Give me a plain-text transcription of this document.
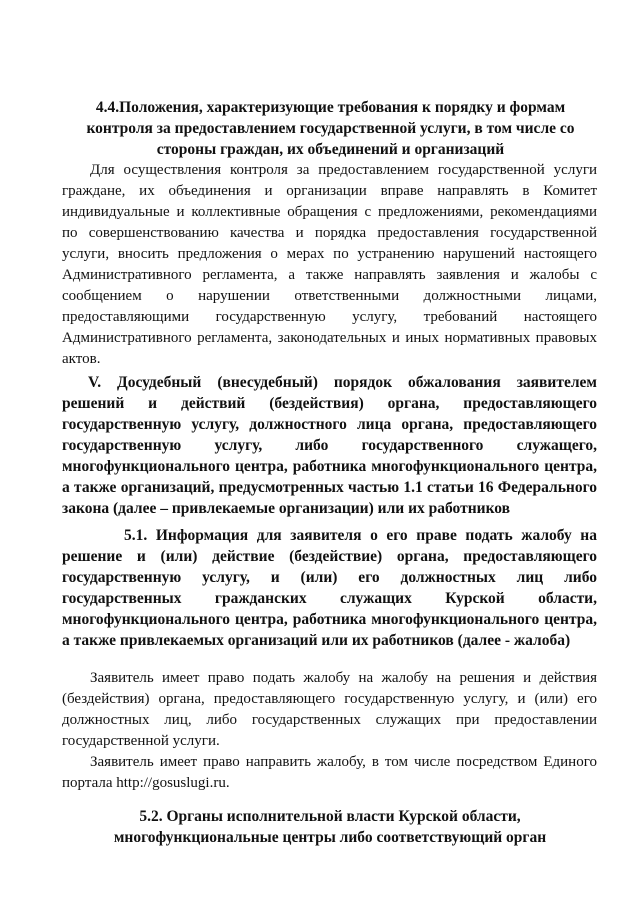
4.4.Положения, характеризующие требования к порядку и формам контроля за предоставлением государственной услуги, в том числе со стороны граждан, их объединений и организаций
Для осуществления контроля за предоставлением государственной услуги граждане, их объединения и организации вправе направлять в Комитет индивидуальные и коллективные обращения с предложениями, рекомендациями по совершенствованию качества и порядка предоставления государственной услуги, вносить предложения о мерах по устранению нарушений настоящего Административного регламента, а также направлять заявления и жалобы с сообщением о нарушении ответственными должностными лицами, предоставляющими государственную услугу, требований настоящего Административного регламента, законодательных и иных нормативных правовых актов.
V. Досудебный (внесудебный) порядок обжалования заявителем решений и действий (бездействия) органа, предоставляющего государственную услугу, должностного лица органа, предоставляющего государственную услугу, либо государственного служащего, многофункционального центра, работника многофункционального центра, а также организаций, предусмотренных частью 1.1 статьи 16 Федерального закона (далее – привлекаемые организации) или их работников
5.1. Информация для заявителя о его праве подать жалобу на решение и (или) действие (бездействие) органа, предоставляющего государственную услугу, и (или) его должностных лиц либо государственных гражданских служащих Курской области, многофункционального центра, работника многофункционального центра, а также привлекаемых организаций или их работников (далее - жалоба)
Заявитель имеет право подать жалобу на жалобу на решения и действия (бездействия) органа, предоставляющего государственную услугу, и (или) его должностных лиц, либо государственных служащих при предоставлении государственной услуги.
Заявитель имеет право направить жалобу, в том числе посредством Единого портала http://gosuslugi.ru.
5.2. Органы исполнительной власти Курской области, многофункциональные центры либо соответствующий орган
